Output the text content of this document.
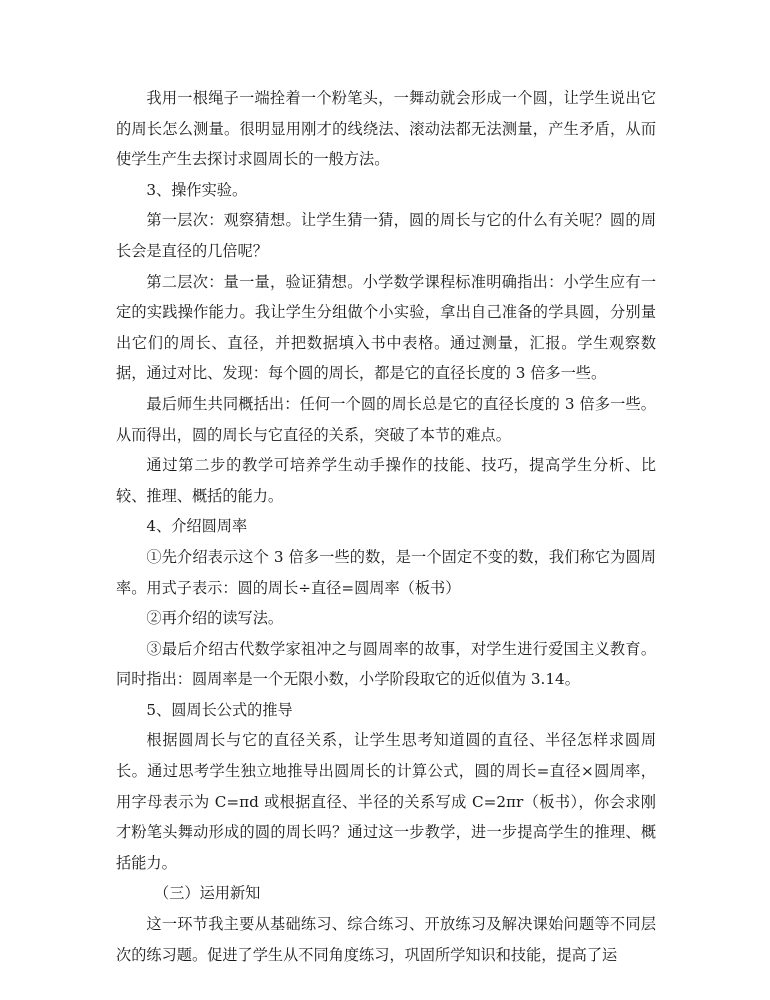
我用一根绳子一端拴着一个粉笔头，一舞动就会形成一个圆，让学生说出它的周长怎么测量。很明显用刚才的线绕法、滚动法都无法测量，产生矛盾，从而使学生产生去探讨求圆周长的一般方法。

3、操作实验。

第一层次：观察猜想。让学生猜一猜，圆的周长与它的什么有关呢？圆的周长会是直径的几倍呢？

第二层次：量一量，验证猜想。小学数学课程标准明确指出：小学生应有一定的实践操作能力。我让学生分组做个小实验，拿出自己准备的学具圆，分别量出它们的周长、直径，并把数据填入书中表格。通过测量，汇报。学生观察数据，通过对比、发现：每个圆的周长，都是它的直径长度的 3 倍多一些。

最后师生共同概括出：任何一个圆的周长总是它的直径长度的 3 倍多一些。从而得出，圆的周长与它直径的关系，突破了本节的难点。

通过第二步的教学可培养学生动手操作的技能、技巧，提高学生分析、比较、推理、概括的能力。

4、介绍圆周率

①先介绍表示这个 3 倍多一些的数，是一个固定不变的数，我们称它为圆周率。用式子表示：圆的周长÷直径=圆周率（板书）

②再介绍的读写法。

③最后介绍古代数学家祖冲之与圆周率的故事，对学生进行爱国主义教育。同时指出：圆周率是一个无限小数，小学阶段取它的近似值为 3.14。

5、圆周长公式的推导

根据圆周长与它的直径关系，让学生思考知道圆的直径、半径怎样求圆周长。通过思考学生独立地推导出圆周长的计算公式，圆的周长=直径×圆周率，用字母表示为 C=πd 或根据直径、半径的关系写成 C=2πr（板书），你会求刚才粉笔头舞动形成的圆的周长吗？通过这一步教学，进一步提高学生的推理、概括能力。

（三）运用新知

这一环节我主要从基础练习、综合练习、开放练习及解决课始问题等不同层次的练习题。促进了学生从不同角度练习，巩固所学知识和技能，提高了运
